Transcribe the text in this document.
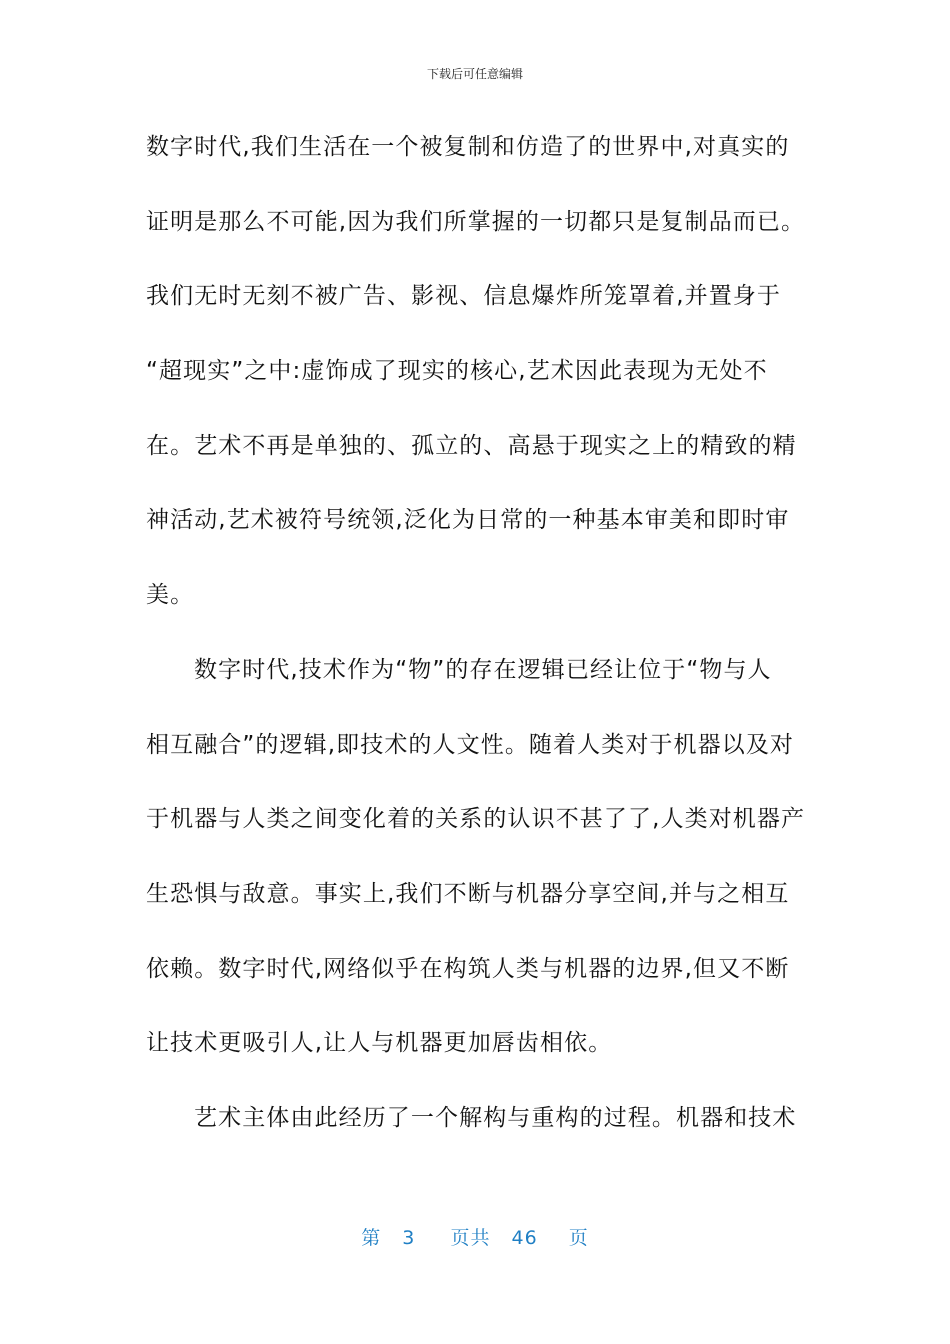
下载后可任意编辑
数字时代,我们生活在一个被复制和仿造了的世界中,对真实的
证明是那么不可能,因为我们所掌握的一切都只是复制品而已。
我们无时无刻不被广告、影视、信息爆炸所笼罩着,并置身于
“超现实”之中:虚饰成了现实的核心,艺术因此表现为无处不
在。艺术不再是单独的、孤立的、高悬于现实之上的精致的精
神活动,艺术被符号统领,泛化为日常的一种基本审美和即时审
美。
数字时代,技术作为“物”的存在逻辑已经让位于“物与人
相互融合”的逻辑,即技术的人文性。随着人类对于机器以及对
于机器与人类之间变化着的关系的认识不甚了了,人类对机器产
生恐惧与敌意。事实上,我们不断与机器分享空间,并与之相互
依赖。数字时代,网络似乎在构筑人类与机器的边界,但又不断
让技术更吸引人,让人与机器更加唇齿相依。
艺术主体由此经历了一个解构与重构的过程。机器和技术
第 3 页共 46 页
